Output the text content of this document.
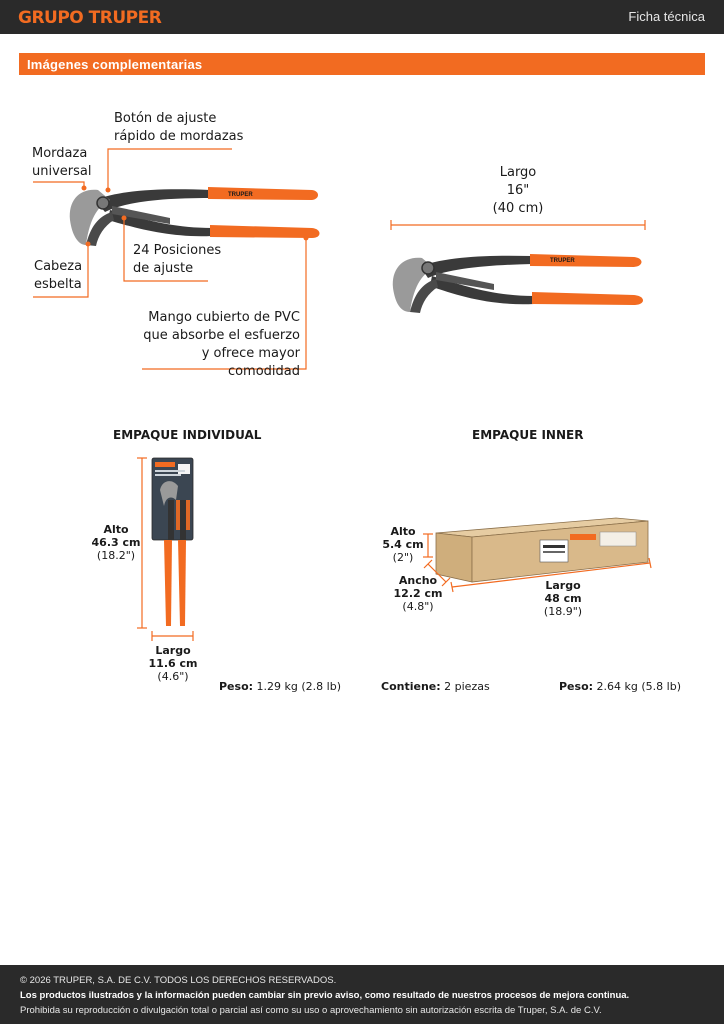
GRUPO TRUPER	Ficha técnica
Imágenes complementarias
TRUPER
TRUPER
Botón de ajuste
rápido de mordazas
Mordaza
universal
Cabeza
esbelta
24 Posiciones
de ajuste
Mango cubierto de PVC
que absorbe el esfuerzo
y ofrece mayor comodidad
Largo
16"
(40 cm)
EMPAQUE INDIVIDUAL
Alto
46.3 cm
(18.2")
Largo
11.6 cm
(4.6")
Peso: 1.29 kg (2.8 lb)
EMPAQUE INNER
Alto
5.4 cm
(2")
Ancho
12.2 cm
(4.8")
Largo
48 cm
(18.9")
Contiene: 2 piezas	Peso: 2.64 kg (5.8 lb)

© 2026 TRUPER, S.A. DE C.V. TODOS LOS DERECHOS RESERVADOS.

Los productos ilustrados y la información pueden cambiar sin previo aviso, como resultado de nuestros procesos de mejora continua.

Prohibida su reproducción o divulgación total o parcial así como su uso o aprovechamiento sin autorización escrita de Truper, S.A. de C.V.
